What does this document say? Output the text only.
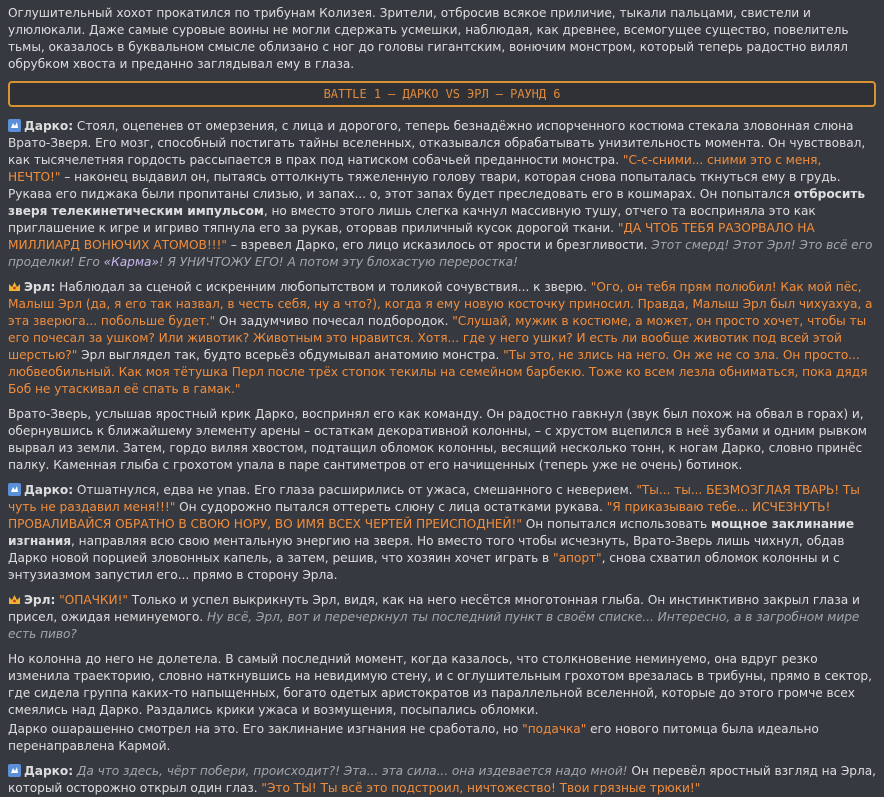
Оглушительный хохот прокатился по трибунам Колизея. Зрители, отбросив всякое приличие, тыкали пальцами, свистели и улюлюкали. Даже самые суровые воины не могли сдержать усмешки, наблюдая, как древнее, всемогущее существо, повелитель тьмы, оказалось в буквальном смысле облизано с ног до головы гигантским, вонючим монстром, который теперь радостно вилял обрубком хвоста и преданно заглядывал ему в глаза.

BATTLE 1 – ДАРКО VS ЭРЛ – РАУНД 6

Дарко: Стоял, оцепенев от омерзения, с лица и дорогого, теперь безнадёжно испорченного костюма стекала зловонная слюна Врато-Зверя. Его мозг, способный постигать тайны вселенных, отказывался обрабатывать унизительность момента. Он чувствовал, как тысячелетняя гордость рассыпается в прах под натиском собачьей преданности монстра. "С-с-сними... сними это с меня, НЕЧТО!" – наконец выдавил он, пытаясь оттолкнуть тяжеленную голову твари, которая снова попыталась ткнуться ему в грудь. Рукава его пиджака были пропитаны слизью, и запах... о, этот запах будет преследовать его в кошмарах. Он попытался отбросить зверя телекинетическим импульсом, но вместо этого лишь слегка качнул массивную тушу, отчего та восприняла это как приглашение к игре и игриво тяпнула его за рукав, оторвав приличный кусок дорогой ткани. "ДА ЧТОБ ТЕБЯ РАЗОРВАЛО НА МИЛЛИАРД ВОНЮЧИХ АТОМОВ!!!" – взревел Дарко, его лицо исказилось от ярости и брезгливости. Этот смерд! Этот Эрл! Это всё его проделки! Его «Карма»! Я УНИЧТОЖУ ЕГО! А потом эту блохастую переростка!

Эрл: Наблюдал за сценой с искренним любопытством и толикой сочувствия... к зверю. "Ого, он тебя прям полюбил! Как мой пёс, Малыш Эрл (да, я его так назвал, в честь себя, ну а что?), когда я ему новую косточку приносил. Правда, Малыш Эрл был чихуахуа, а эта зверюга... побольше будет." Он задумчиво почесал подбородок. "Слушай, мужик в костюме, а может, он просто хочет, чтобы ты его почесал за ушком? Или животик? Животным это нравится. Хотя... где у него ушки? И есть ли вообще животик под всей этой шерстью?" Эрл выглядел так, будто всерьёз обдумывал анатомию монстра. "Ты это, не злись на него. Он же не со зла. Он просто... любвеобильный. Как моя тётушка Перл после трёх стопок текилы на семейном барбекю. Тоже ко всем лезла обниматься, пока дядя Боб не утаскивал её спать в гамак."

Врато-Зверь, услышав яростный крик Дарко, воспринял его как команду. Он радостно гавкнул (звук был похож на обвал в горах) и, обернувшись к ближайшему элементу арены – остаткам декоративной колонны, – с хрустом вцепился в неё зубами и одним рывком вырвал из земли. Затем, гордо виляя хвостом, подтащил обломок колонны, весящий несколько тонн, к ногам Дарко, словно принёс палку. Каменная глыба с грохотом упала в паре сантиметров от его начищенных (теперь уже не очень) ботинок.

Дарко: Отшатнулся, едва не упав. Его глаза расширились от ужаса, смешанного с неверием. "Ты... ты... БЕЗМОЗГЛАЯ ТВАРЬ! Ты чуть не раздавил меня!!!" Он судорожно пытался оттереть слюну с лица остатками рукава. "Я приказываю тебе... ИСЧЕЗНУТЬ! ПРОВАЛИВАЙСЯ ОБРАТНО В СВОЮ НОРУ, ВО ИМЯ ВСЕХ ЧЕРТЕЙ ПРЕИСПОДНЕЙ!" Он попытался использовать мощное заклинание изгнания, направляя всю свою ментальную энергию на зверя. Но вместо того чтобы исчезнуть, Врато-Зверь лишь чихнул, обдав Дарко новой порцией зловонных капель, а затем, решив, что хозяин хочет играть в "апорт", снова схватил обломок колонны и с энтузиазмом запустил его... прямо в сторону Эрла.

Эрл: "ОПАЧКИ!" Только и успел выкрикнуть Эрл, видя, как на него несётся многотонная глыба. Он инстинктивно закрыл глаза и присел, ожидая неминуемого. Ну всё, Эрл, вот и перечеркнул ты последний пункт в своём списке... Интересно, а в загробном мире есть пиво?

Но колонна до него не долетела. В самый последний момент, когда казалось, что столкновение неминуемо, она вдруг резко изменила траекторию, словно наткнувшись на невидимую стену, и с оглушительным грохотом врезалась в трибуны, прямо в сектор, где сидела группа каких-то напыщенных, богато одетых аристократов из параллельной вселенной, которые до этого громче всех смеялись над Дарко. Раздались крики ужаса и возмущения, посыпались обломки.

Дарко ошарашенно смотрел на это. Его заклинание изгнания не сработало, но "подачка" его нового питомца была идеально перенаправлена Кармой.

Дарко: Да что здесь, чёрт побери, происходит?! Эта... эта сила... она издевается надо мной! Он перевёл яростный взгляд на Эрла, который осторожно открыл один глаз. "Это ТЫ! Ты всё это подстроил, ничтожество! Твои грязные трюки!"
